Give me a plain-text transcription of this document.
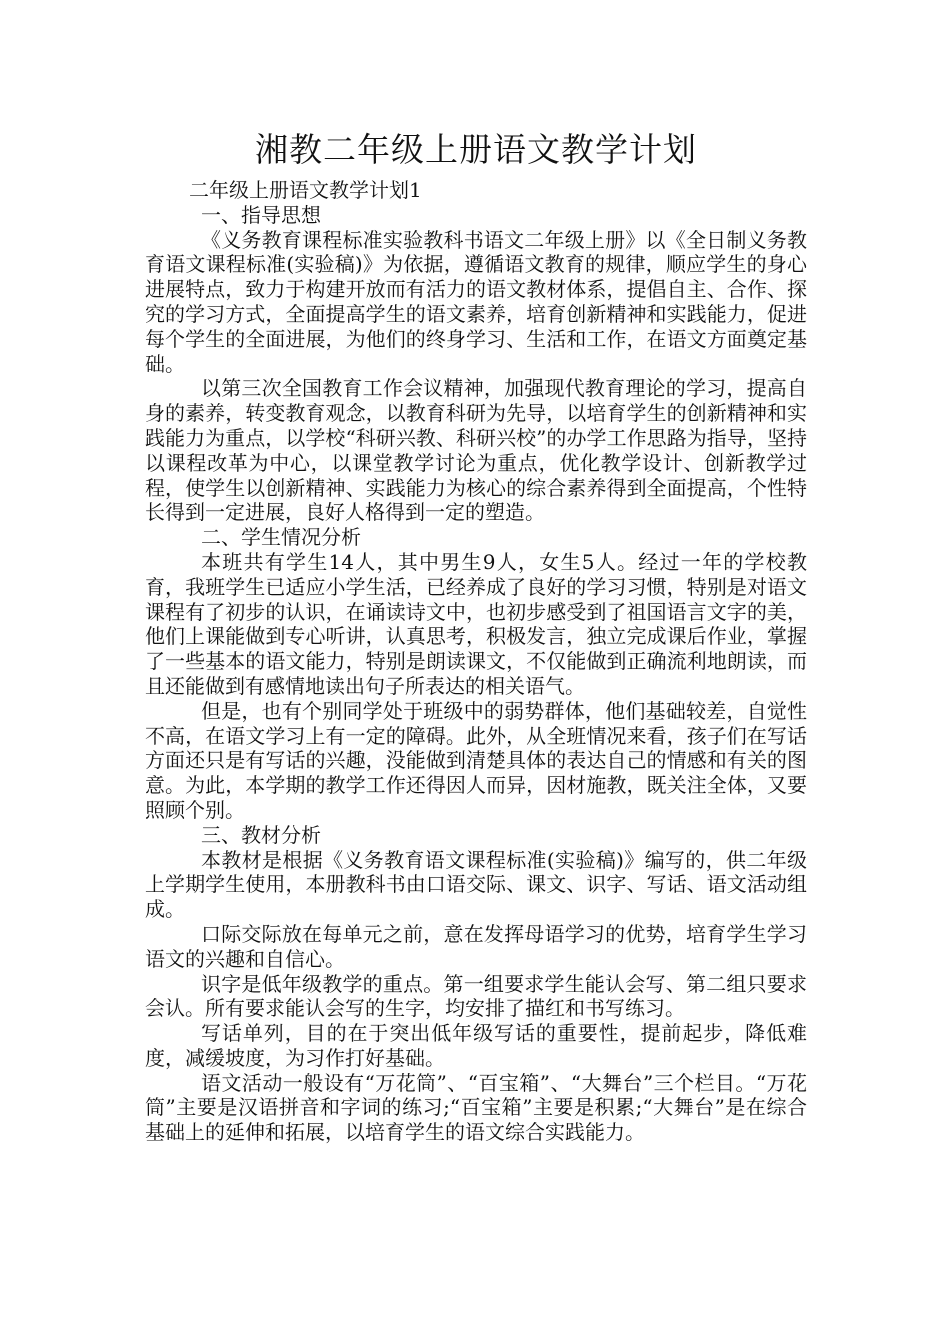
湘教二年级上册语文教学计划

二年级上册语文教学计划1

一、指导思想

《义务教育课程标准实验教科书语文二年级上册》以《全日制义务教育语文课程标准(实验稿)》为依据，遵循语文教育的规律，顺应学生的身心进展特点，致力于构建开放而有活力的语文教材体系，提倡自主、合作、探究的学习方式，全面提高学生的语文素养，培育创新精神和实践能力，促进每个学生的全面进展，为他们的终身学习、生活和工作，在语文方面奠定基础。

以第三次全国教育工作会议精神，加强现代教育理论的学习，提高自身的素养，转变教育观念，以教育科研为先导，以培育学生的创新精神和实践能力为重点，以学校“科研兴教、科研兴校”的办学工作思路为指导，坚持以课程改革为中心，以课堂教学讨论为重点，优化教学设计、创新教学过程，使学生以创新精神、实践能力为核心的综合素养得到全面提高，个性特长得到一定进展，良好人格得到一定的塑造。

二、学生情况分析

本班共有学生14人，其中男生9人，女生5人。经过一年的学校教育，我班学生已适应小学生活，已经养成了良好的学习习惯，特别是对语文课程有了初步的认识，在诵读诗文中，也初步感受到了祖国语言文字的美，他们上课能做到专心听讲，认真思考，积极发言，独立完成课后作业，掌握了一些基本的语文能力，特别是朗读课文，不仅能做到正确流利地朗读，而且还能做到有感情地读出句子所表达的相关语气。

但是，也有个别同学处于班级中的弱势群体，他们基础较差，自觉性不高，在语文学习上有一定的障碍。此外，从全班情况来看，孩子们在写话方面还只是有写话的兴趣，没能做到清楚具体的表达自己的情感和有关的图意。为此，本学期的教学工作还得因人而异，因材施教，既关注全体，又要照顾个别。

三、教材分析

本教材是根据《义务教育语文课程标准(实验稿)》编写的，供二年级上学期学生使用，本册教科书由口语交际、课文、识字、写话、语文活动组成。

口际交际放在每单元之前，意在发挥母语学习的优势，培育学生学习语文的兴趣和自信心。

识字是低年级教学的重点。第一组要求学生能认会写、第二组只要求会认。所有要求能认会写的生字，均安排了描红和书写练习。

写话单列，目的在于突出低年级写话的重要性，提前起步，降低难度，减缓坡度，为习作打好基础。

语文活动一般设有“万花筒”、“百宝箱”、“大舞台”三个栏目。“万花筒”主要是汉语拼音和字词的练习;“百宝箱”主要是积累;“大舞台”是在综合基础上的延伸和拓展，以培育学生的语文综合实践能力。
